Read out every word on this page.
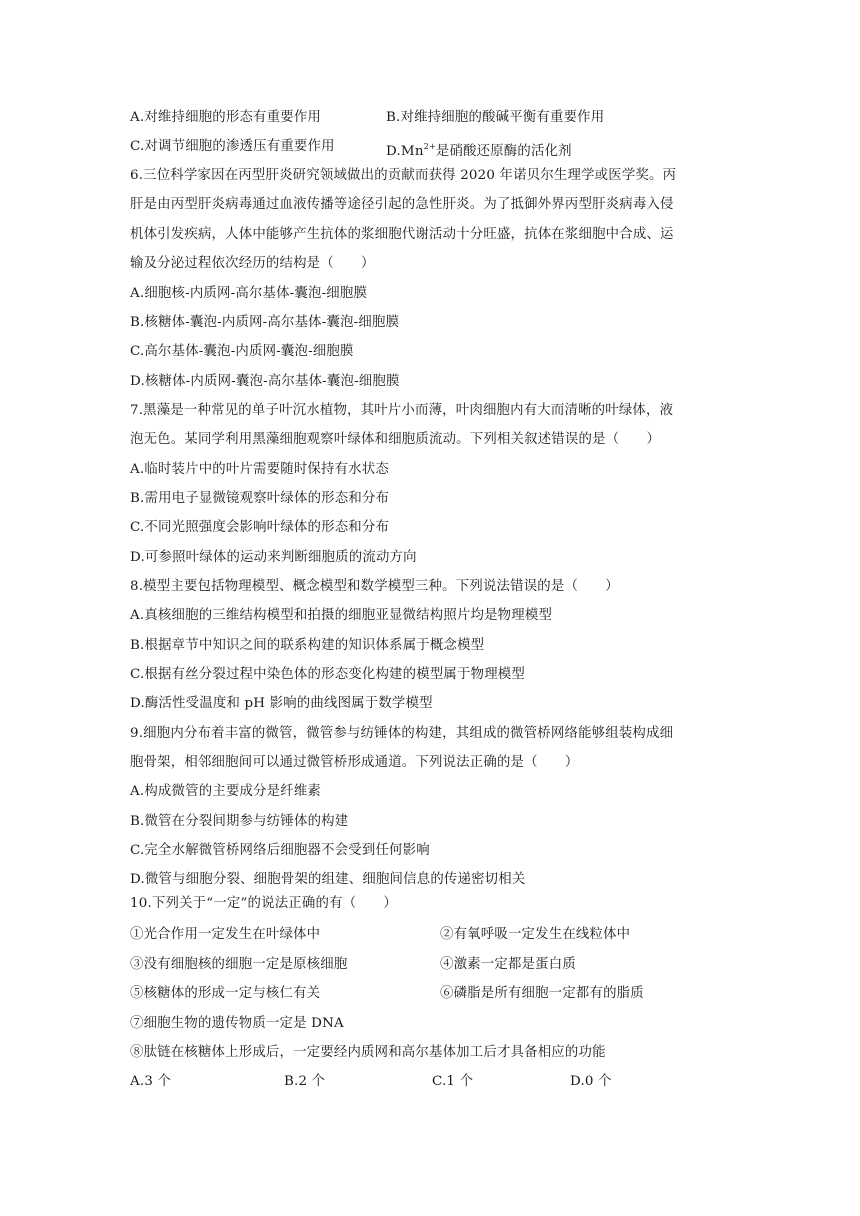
A.对维持细胞的形态有重要作用	B.对维持细胞的酸碱平衡有重要作用
C.对调节细胞的渗透压有重要作用	$D.Mn^{2+}$是硝酸还原酶的活化剂
6.三位科学家因在丙型肝炎研究领域做出的贡献而获得 2020 年诺贝尔生理学或医学奖。丙
肝是由丙型肝炎病毒通过血液传播等途径引起的急性肝炎。为了抵御外界丙型肝炎病毒入侵
机体引发疾病，人体中能够产生抗体的浆细胞代谢活动十分旺盛，抗体在浆细胞中合成、运
输及分泌过程依次经历的结构是（　　）
A.细胞核-内质网-高尔基体-囊泡-细胞膜
B.核糖体-囊泡-内质网-高尔基体-囊泡-细胞膜
C.高尔基体-囊泡-内质网-囊泡-细胞膜
D.核糖体-内质网-囊泡-高尔基体-囊泡-细胞膜
7.黑藻是一种常见的单子叶沉水植物，其叶片小而薄，叶肉细胞内有大而清晰的叶绿体，液
泡无色。某同学利用黑藻细胞观察叶绿体和细胞质流动。下列相关叙述错误的是（　　）
A.临时装片中的叶片需要随时保持有水状态
B.需用电子显微镜观察叶绿体的形态和分布
C.不同光照强度会影响叶绿体的形态和分布
D.可参照叶绿体的运动来判断细胞质的流动方向
8.模型主要包括物理模型、概念模型和数学模型三种。下列说法错误的是（　　）
A.真核细胞的三维结构模型和拍摄的细胞亚显微结构照片均是物理模型
B.根据章节中知识之间的联系构建的知识体系属于概念模型
C.根据有丝分裂过程中染色体的形态变化构建的模型属于物理模型
D.酶活性受温度和 pH 影响的曲线图属于数学模型
9.细胞内分布着丰富的微管，微管参与纺锤体的构建，其组成的微管桥网络能够组装构成细
胞骨架，相邻细胞间可以通过微管桥形成通道。下列说法正确的是（　　）
A.构成微管的主要成分是纤维素
B.微管在分裂间期参与纺锤体的构建
C.完全水解微管桥网络后细胞器不会受到任何影响
D.微管与细胞分裂、细胞骨架的组建、细胞间信息的传递密切相关
10.下列关于“一定”的说法正确的有（　　）
①光合作用一定发生在叶绿体中	②有氧呼吸一定发生在线粒体中
③没有细胞核的细胞一定是原核细胞	④激素一定都是蛋白质
⑤核糖体的形成一定与核仁有关	⑥磷脂是所有细胞一定都有的脂质
⑦细胞生物的遗传物质一定是 DNA
⑧肽链在核糖体上形成后，一定要经内质网和高尔基体加工后才具备相应的功能
A.3 个	B.2 个	C.1 个	D.0 个
